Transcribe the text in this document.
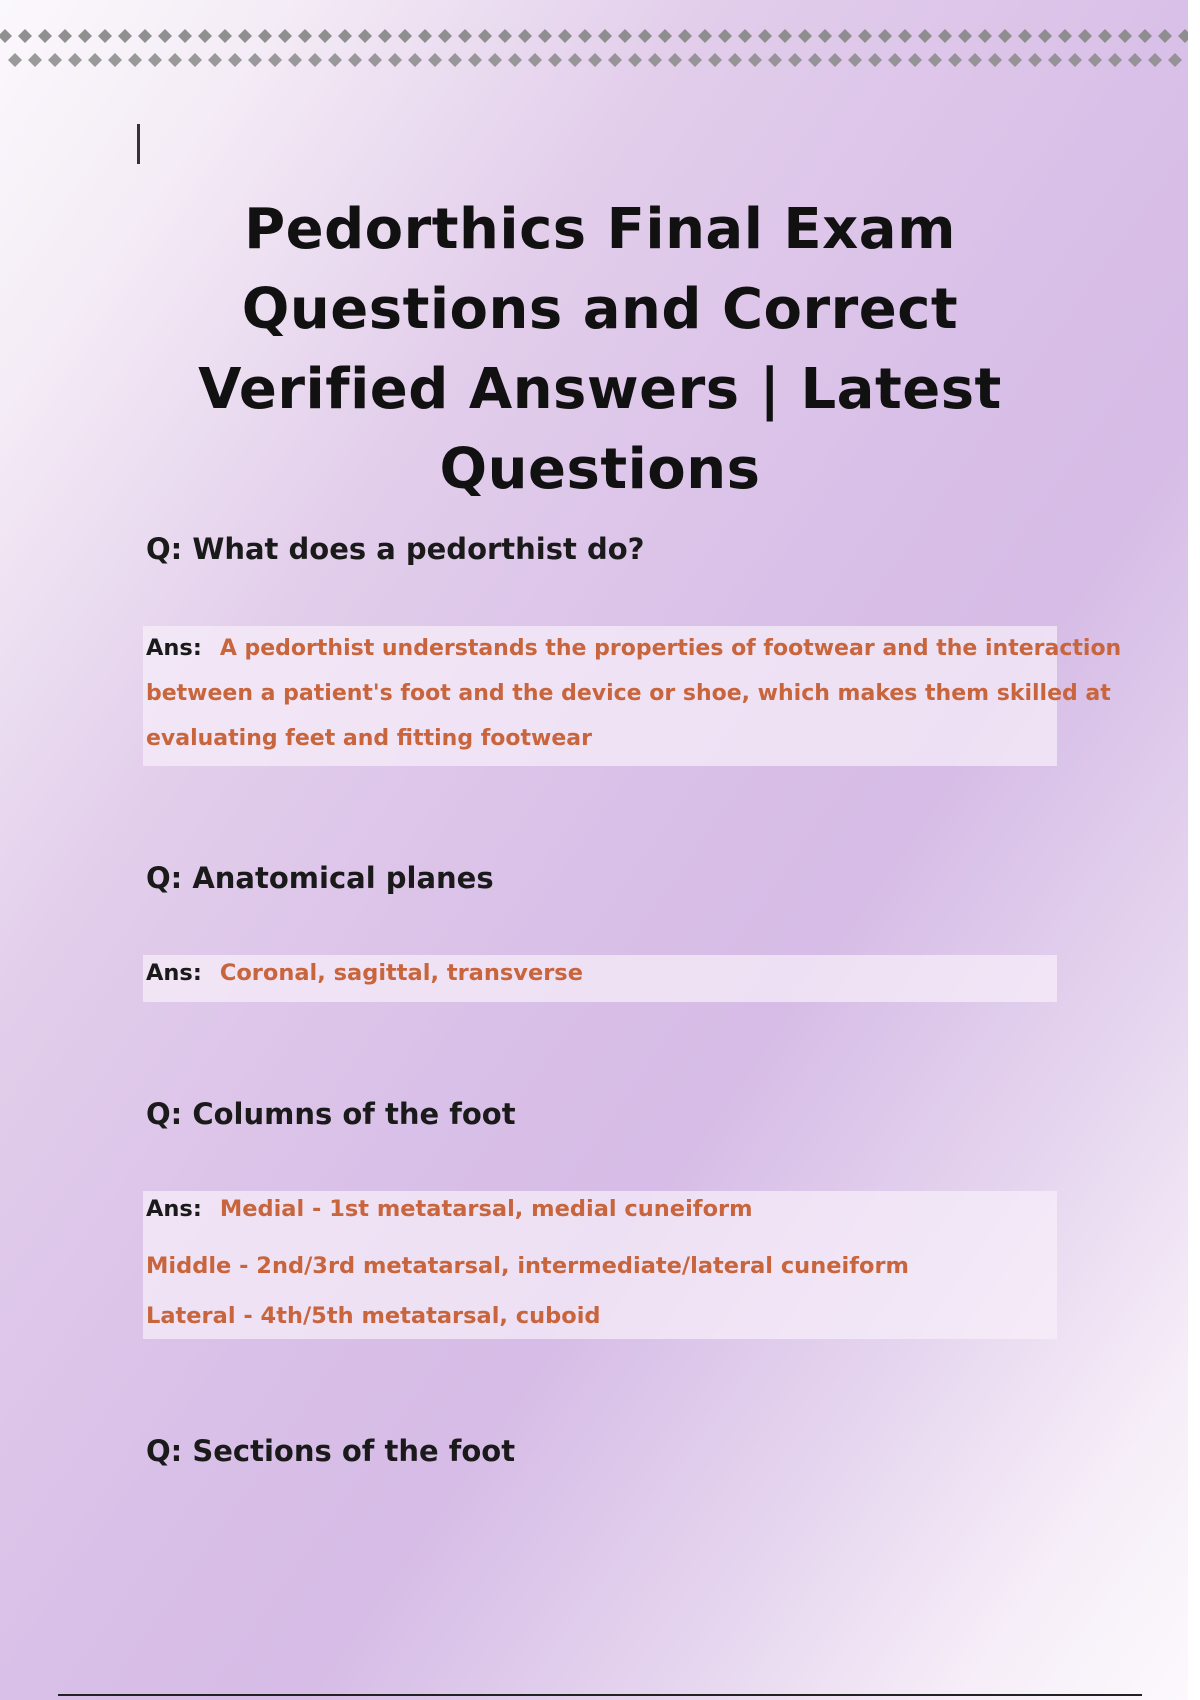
Pedorthics Final Exam
Questions and Correct
Verified Answers | Latest
Questions
Q: What does a pedorthist do?
Ans: A pedorthist understands the properties of footwear and the interaction
between a patient's foot and the device or shoe, which makes them skilled at
evaluating feet and fitting footwear
Q: Anatomical planes
Ans: Coronal, sagittal, transverse
Q: Columns of the foot
Ans: Medial - 1st metatarsal, medial cuneiform
Middle - 2nd/3rd metatarsal, intermediate/lateral cuneiform
Lateral - 4th/5th metatarsal, cuboid
Q: Sections of the foot
